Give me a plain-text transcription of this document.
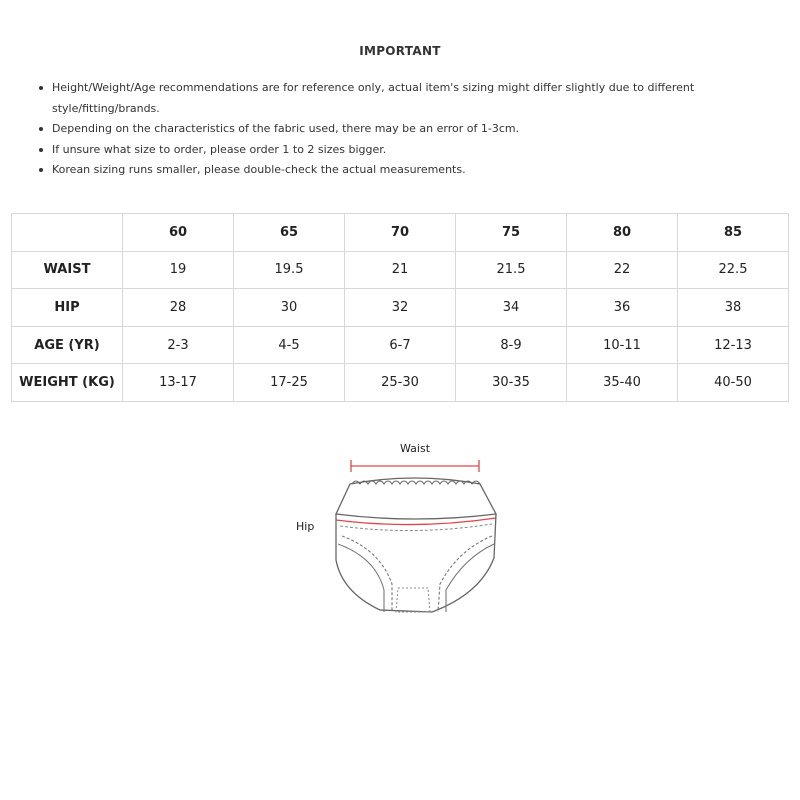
IMPORTANT
Height/Weight/Age recommendations are for reference only, actual item's sizing might differ slightly due to different style/fitting/brands.
Depending on the characteristics of the fabric used, there may be an error of 1-3cm.
If unsure what size to order, please order 1 to 2 sizes bigger.
Korean sizing runs smaller, please double-check the actual measurements.
	60	65	70	75	80	85
WAIST	19	19.5	21	21.5	22	22.5
HIP	28	30	32	34	36	38
AGE (YR)	2-3	4-5	6-7	8-9	10-11	12-13
WEIGHT (KG)	13-17	17-25	25-30	30-35	35-40	40-50
Waist
Hip
